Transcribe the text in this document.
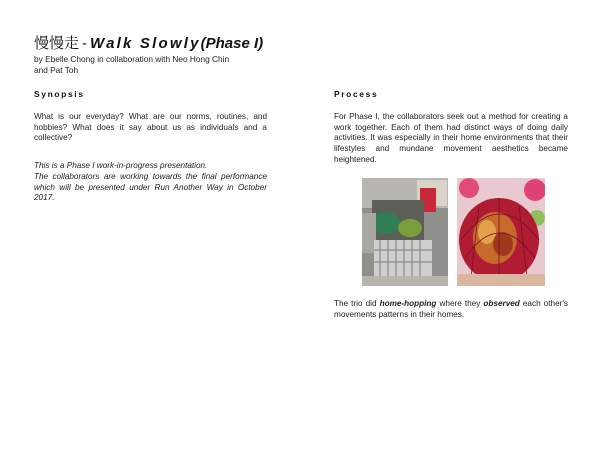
慢慢走 - Walk Slowly(Phase I)
by Ebelle Chong in collaboration with Neo Hong Chin
and Pat Toh
Synopsis

What is our everyday? What are our norms, routines, and hobbies? What does it say about us as individuals and a collective?

This is a Phase I work-in-progress presentation.
The collaborators are working towards the final performance which will be presented under Run Another Way in October 2017.

Process

For Phase I, the collaborators seek out a method for creating a work together. Each of them had distinct ways of doing daily activities. It was especially in their home environments that their lifestyles and mundane movement aesthetics became heightened.

The trio did home-hopping where they observed each other's movements patterns in their homes.
